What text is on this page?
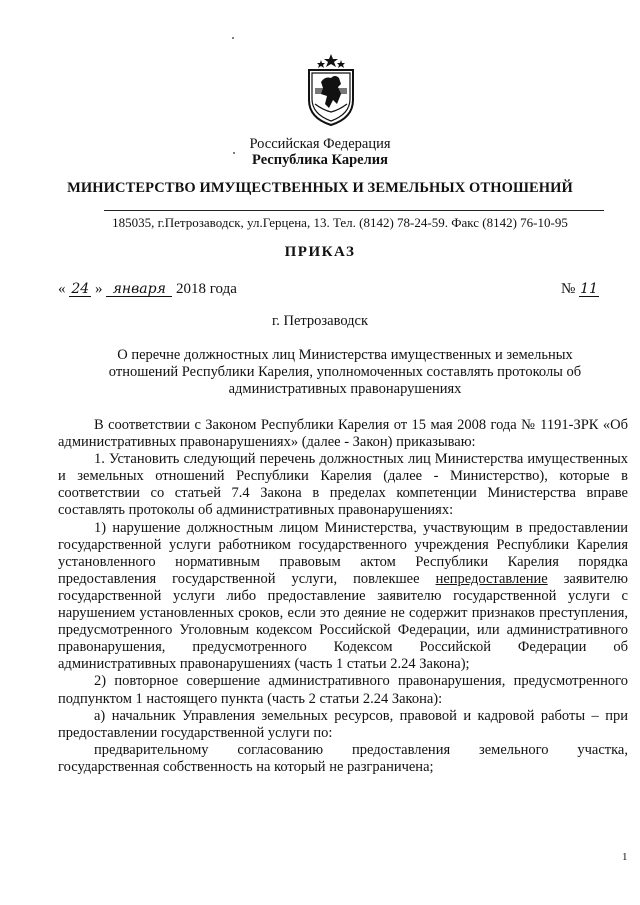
Российская Федерация
Республика Карелия
МИНИСТЕРСТВО ИМУЩЕСТВЕННЫХ И ЗЕМЕЛЬНЫХ ОТНОШЕНИЙ
185035, г.Петрозаводск, ул.Герцена, 13. Тел. (8142) 78-24-59. Факс (8142) 76-10-95
ПРИКАЗ
« 24 » января 2018 года	№ 11
г. Петрозаводск
О перечне должностных лиц Министерства имущественных и земельных отношений Республики Карелия, уполномоченных составлять протоколы об административных правонарушениях

В соответствии с Законом Республики Карелия от 15 мая 2008 года № 1191-ЗРК «Об административных правонарушениях» (далее - Закон) приказываю:

1. Установить следующий перечень должностных лиц Министерства имущественных и земельных отношений Республики Карелия (далее - Министерство), которые в соответствии со статьей 7.4 Закона в пределах компетенции Министерства вправе составлять протоколы об административных правонарушениях:

1) нарушение должностным лицом Министерства, участвующим в предоставлении государственной услуги работником государственного учреждения Республики Карелия установленного нормативным правовым актом Республики Карелия порядка предоставления государственной услуги, повлекшее непредоставление заявителю государственной услуги либо предоставление заявителю государственной услуги с нарушением установленных сроков, если это деяние не содержит признаков преступления, предусмотренного Уголовным кодексом Российской Федерации, или административного правонарушения, предусмотренного Кодексом Российской Федерации об административных правонарушениях (часть 1 статьи 2.24 Закона);

2) повторное совершение административного правонарушения, предусмотренного подпунктом 1 настоящего пункта (часть 2 статьи 2.24 Закона):

а) начальник Управления земельных ресурсов, правовой и кадровой работы – при предоставлении государственной услуги по:

предварительному согласованию предоставления земельного участка, государственная собственность на который не разграничена;

1
